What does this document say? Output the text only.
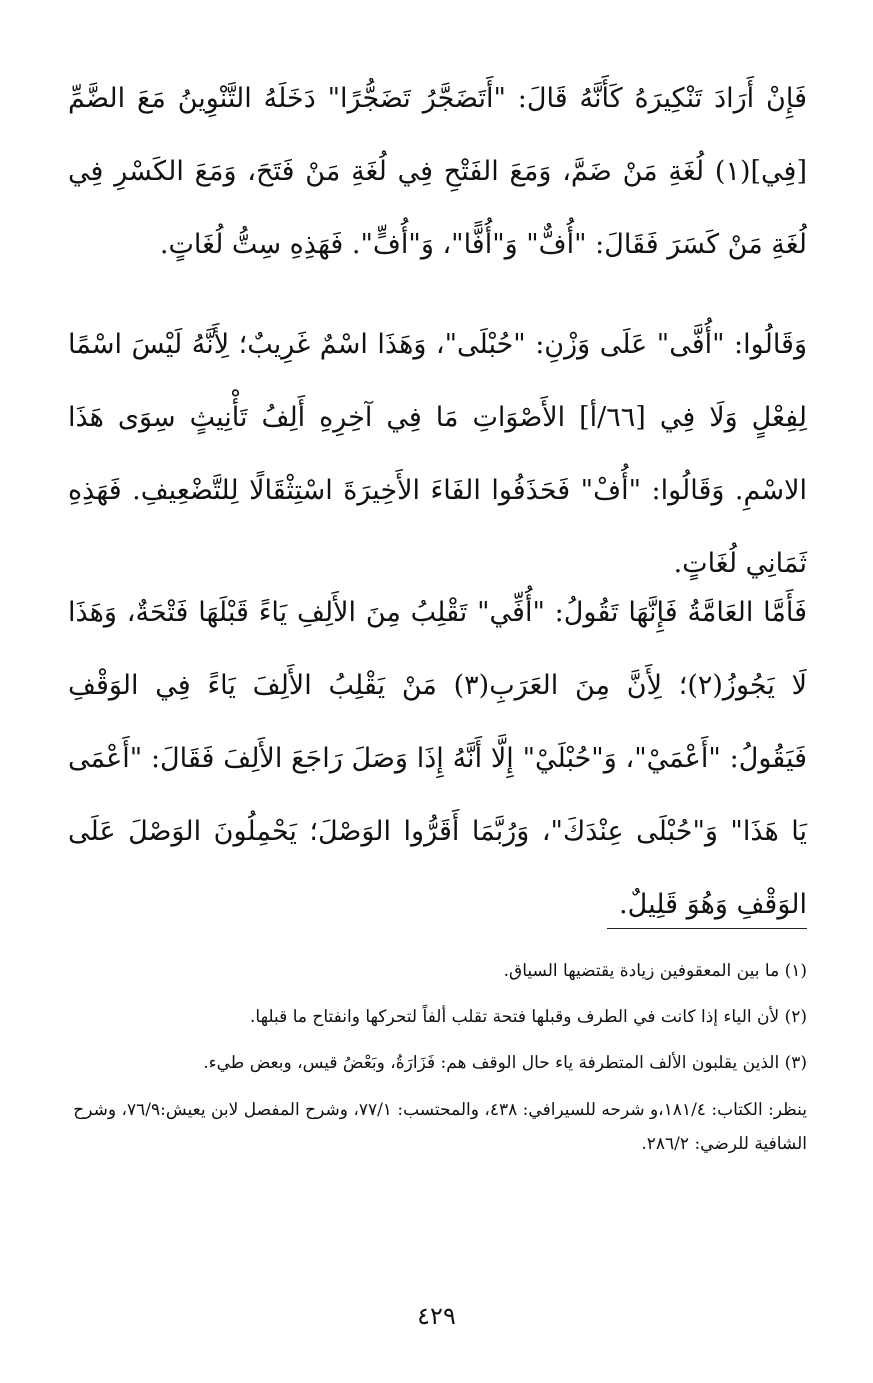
فَإِنْ أَرَادَ تَنْكِيرَهُ كَأَنَّهُ قَالَ: "أَتَضَجَّرُ تَضَجُّرًا" دَخَلَهُ التَّنْوِينُ مَعَ الضَّمِّ [فِي](١) لُغَةِ مَنْ ضَمَّ، وَمَعَ الفَتْحِ فِي لُغَةِ مَنْ فَتَحَ، وَمَعَ الكَسْرِ فِي لُغَةِ مَنْ كَسَرَ فَقَالَ: "أُفٌّ" وَ"أُفًّا"، وَ"أُفٍّ". فَهَذِهِ سِتُّ لُغَاتٍ.

وَقَالُوا: "أُفَّى" عَلَى وَزْنِ: "حُبْلَى"، وَهَذَا اسْمٌ غَرِيبٌ؛ لِأَنَّهُ لَيْسَ اسْمًا لِفِعْلٍ وَلَا فِي [٦٦/أ] الأَصْوَاتِ مَا فِي آخِرِهِ أَلِفُ تَأْنِيثٍ سِوَى هَذَا الاسْمِ. وَقَالُوا: "أُفْ" فَحَذَفُوا الفَاءَ الأَخِيرَةَ اسْتِثْقَالًا لِلتَّضْعِيفِ. فَهَذِهِ ثَمَانِي لُغَاتٍ.

فَأَمَّا العَامَّةُ فَإِنَّهَا تَقُولُ: "أُفِّي" تَقْلِبُ مِنَ الأَلِفِ يَاءً قَبْلَهَا فَتْحَةٌ، وَهَذَا لَا يَجُوزُ(٢)؛ لِأَنَّ مِنَ العَرَبِ(٣) مَنْ يَقْلِبُ الأَلِفَ يَاءً فِي الوَقْفِ فَيَقُولُ: "أَعْمَيْ"، وَ"حُبْلَيْ" إِلَّا أَنَّهُ إِذَا وَصَلَ رَاجَعَ الأَلِفَ فَقَالَ: "أَعْمَى يَا هَذَا" وَ"حُبْلَى عِنْدَكَ"، وَرُبَّمَا أَقَرُّوا الوَصْلَ؛ يَحْمِلُونَ الوَصْلَ عَلَى الوَقْفِ وَهُوَ قَلِيلٌ.

(١) ما بين المعقوفين زيادة يقتضيها السياق.

(٢) لأن الياء إذا كانت في الطرف وقبلها فتحة تقلب ألفاً لتحركها وانفتاح ما قبلها.

(٣) الذين يقلبون الألف المتطرفة ياء حال الوقف هم: فَزَارَةُ، وبَعْضُ قيس، وبعض طيء.

ينظر: الكتاب: ١٨١/٤،و شرحه للسيرافي: ٤٣٨، والمحتسب: ٧٧/١، وشرح المفصل لابن يعيش:٧٦/٩، وشرح الشافية للرضي: ٢٨٦/٢.

٤٢٩
